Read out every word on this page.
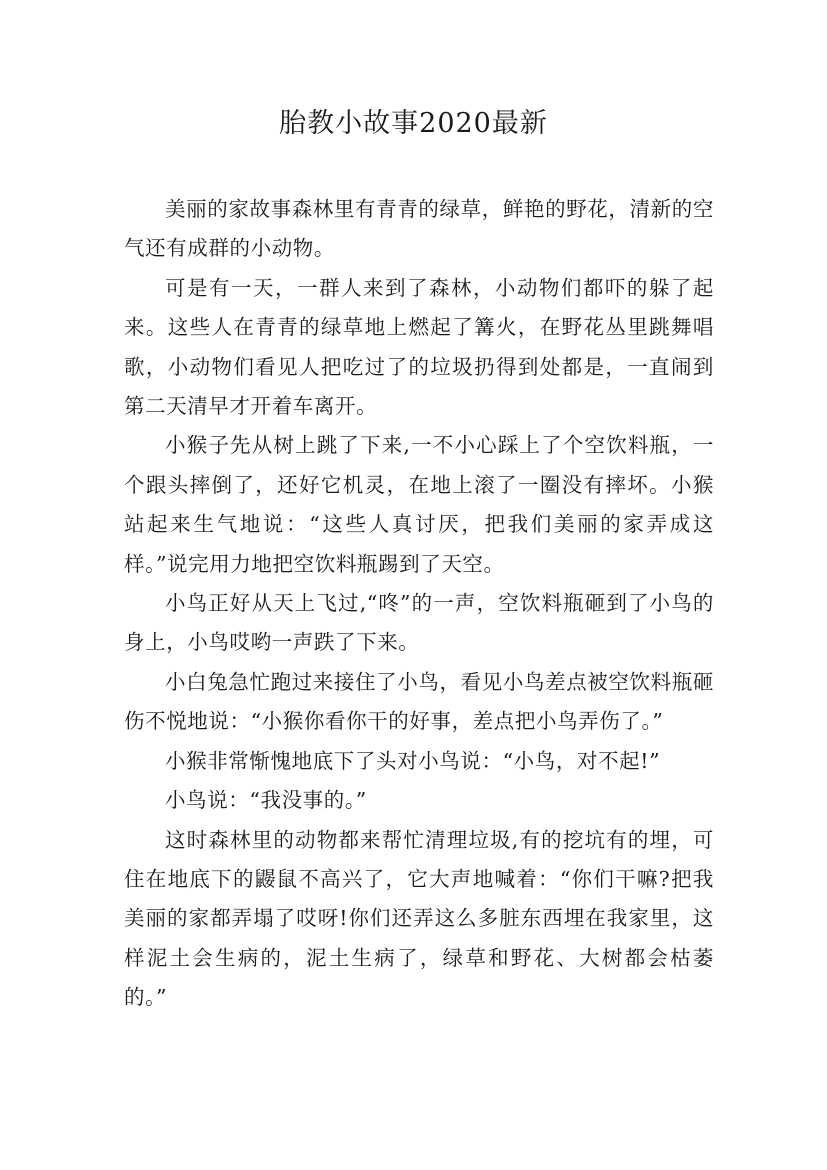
胎教小故事2020最新

美丽的家故事森林里有青青的绿草，鲜艳的野花，清新的空气还有成群的小动物。

可是有一天，一群人来到了森林，小动物们都吓的躲了起来。这些人在青青的绿草地上燃起了篝火，在野花丛里跳舞唱歌，小动物们看见人把吃过了的垃圾扔得到处都是，一直闹到第二天清早才开着车离开。

小猴子先从树上跳了下来,一不小心踩上了个空饮料瓶，一个跟头摔倒了，还好它机灵，在地上滚了一圈没有摔坏。小猴站起来生气地说：“这些人真讨厌，把我们美丽的家弄成这样。”说完用力地把空饮料瓶踢到了天空。

小鸟正好从天上飞过,“咚”的一声，空饮料瓶砸到了小鸟的身上，小鸟哎哟一声跌了下来。

小白兔急忙跑过来接住了小鸟，看见小鸟差点被空饮料瓶砸伤不悦地说：“小猴你看你干的好事，差点把小鸟弄伤了。”

小猴非常惭愧地底下了头对小鸟说：“小鸟，对不起!”

小鸟说：“我没事的。”

这时森林里的动物都来帮忙清理垃圾,有的挖坑有的埋，可住在地底下的鼹鼠不高兴了，它大声地喊着：“你们干嘛?把我美丽的家都弄塌了哎呀!你们还弄这么多脏东西埋在我家里，这样泥土会生病的，泥土生病了，绿草和野花、大树都会枯萎的。”
